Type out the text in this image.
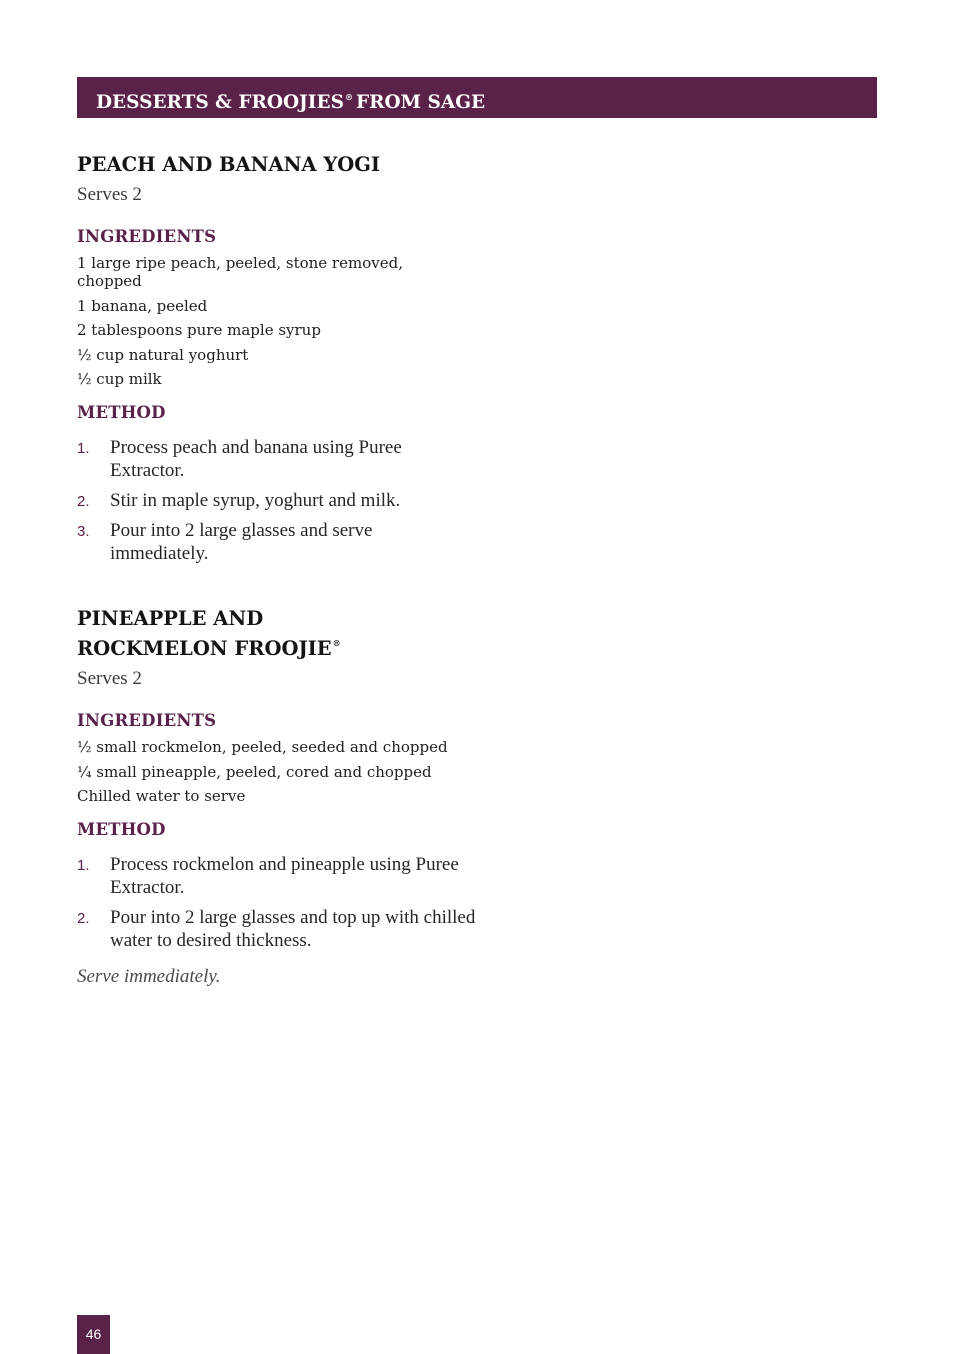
DESSERTS & FROOJIES® FROM SAGE
PEACH AND BANANA YOGI
Serves 2
INGREDIENTS
1 large ripe peach, peeled, stone removed, chopped
1 banana, peeled
2 tablespoons pure maple syrup
½ cup natural yoghurt
½ cup milk
METHOD
1. Process peach and banana using Puree Extractor.
2. Stir in maple syrup, yoghurt and milk.
3. Pour into 2 large glasses and serve immediately.
PINEAPPLE AND
ROCKMELON FROOJIE®
Serves 2
INGREDIENTS
½ small rockmelon, peeled, seeded and chopped
¼ small pineapple, peeled, cored and chopped
Chilled water to serve
METHOD
1. Process rockmelon and pineapple using Puree Extractor.
2. Pour into 2 large glasses and top up with chilled water to desired thickness.
Serve immediately.
46
